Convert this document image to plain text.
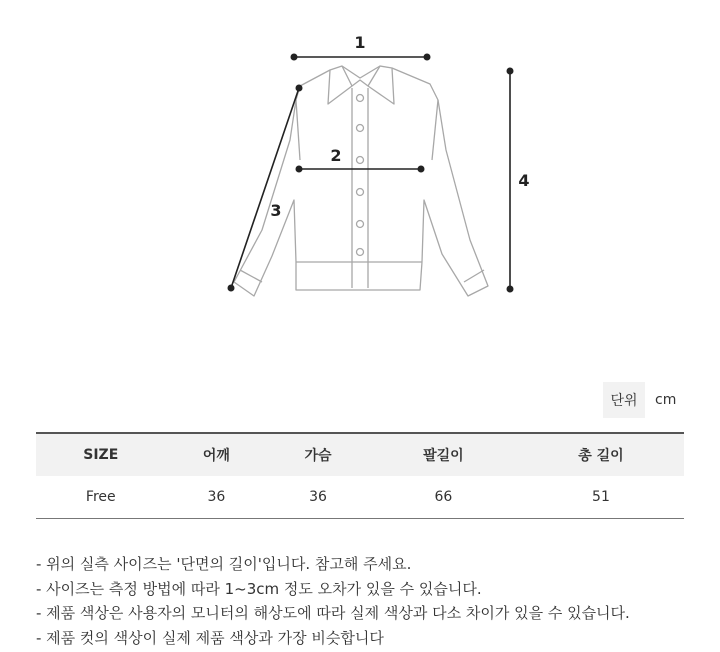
1
2
3
4
단위	cm
SIZE	어깨	가슴	팔길이	총 길이
Free	36	36	66	51
- 위의 실측 사이즈는 '단면의 길이'입니다. 참고해 주세요.
- 사이즈는 측정 방법에 따라 1~3cm 정도 오차가 있을 수 있습니다.
- 제품 색상은 사용자의 모니터의 해상도에 따라 실제 색상과 다소 차이가 있을 수 있습니다.
- 제품 컷의 색상이 실제 제품 색상과 가장 비슷합니다
